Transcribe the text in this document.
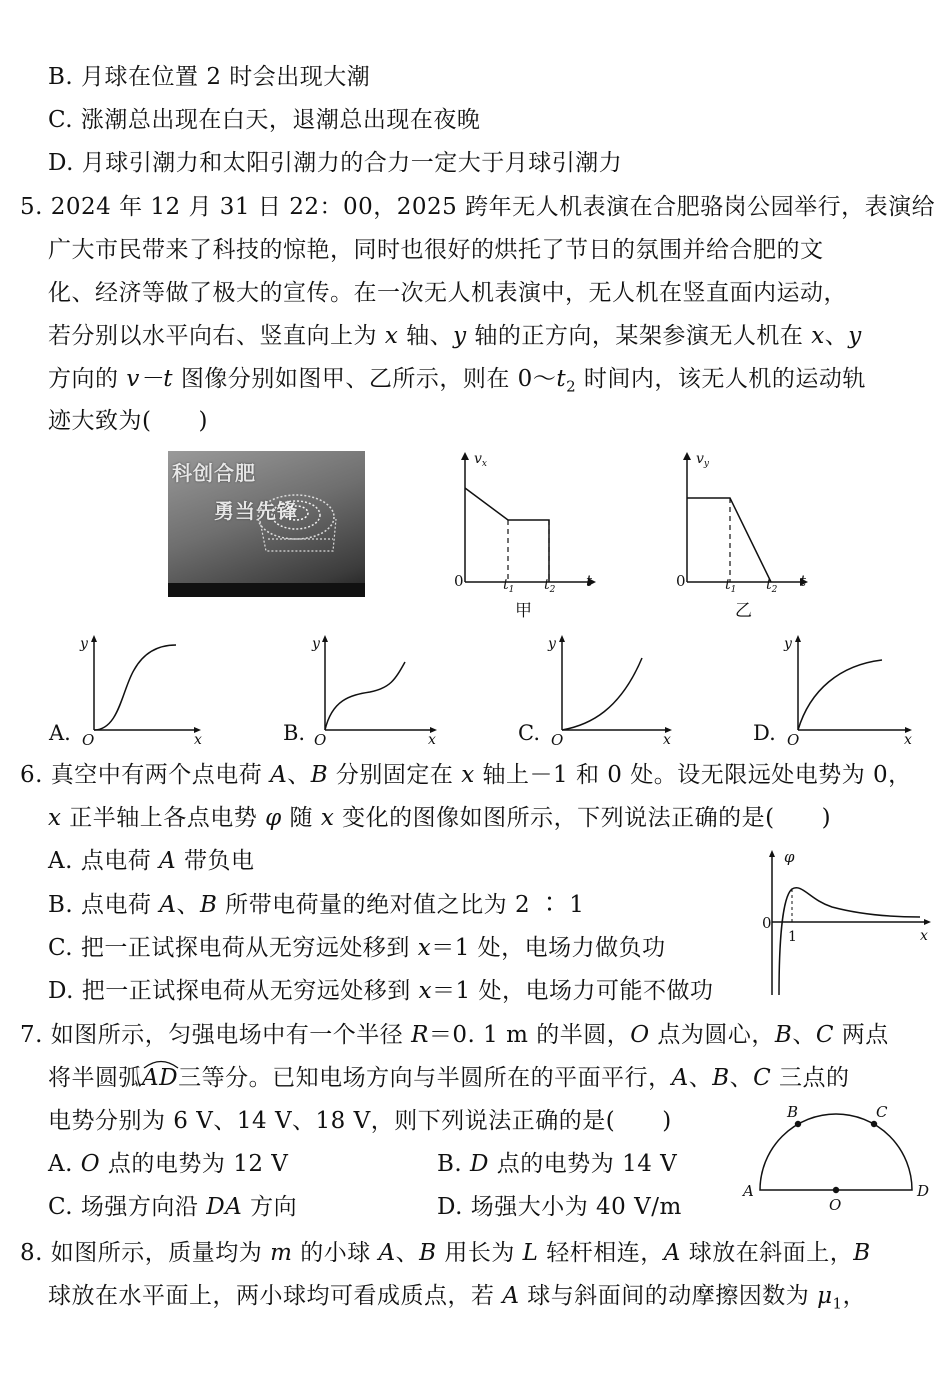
B. 月球在位置 2 时会出现大潮
C. 涨潮总出现在白天，退潮总出现在夜晚
D. 月球引潮力和太阳引潮力的合力一定大于月球引潮力
5. 2024 年 12 月 31 日 22：00，2025 跨年无人机表演在合肥骆岗公园举行，表演给
广大市民带来了科技的惊艳，同时也很好的烘托了节日的氛围并给合肥的文
化、经济等做了极大的宣传。在一次无人机表演中，无人机在竖直面内运动，
若分别以水平向右、竖直向上为 x 轴、y 轴的正方向，某架参演无人机在 x、y
方向的 v－t 图像分别如图甲、乙所示，则在 $0\sim t_2$ 时间内，该无人机的运动轨
迹大致为(　　)
科创合肥
勇当先锋
$v_x$
0	$t_1$ $t_2$ t
甲
$v_y$
0	$t_1$ $t_2$ t
乙
A.
y
O	x	B.
y
O	x	C.
y
O	x	D.
y
O	x
6. 真空中有两个点电荷 A、B 分别固定在 x 轴上－1 和 0 处。设无限远处电势为 0，
x 正半轴上各点电势 φ 随 x 变化的图像如图所示，下列说法正确的是(　　)
A. 点电荷 A 带负电
B. 点电荷 A、B 所带电荷量的绝对值之比为 2 ∶ 1
C. 把一正试探电荷从无穷远处移到 x＝1 处，电场力做负功
D. 把一正试探电荷从无穷远处移到 x＝1 处，电场力可能不做功
φ
0
1	x
7. 如图所示，匀强电场中有一个半径 R＝0. 1 m 的半圆，O 点为圆心，B、C 两点
将半圆弧
AD三等分。已知电场方向与半圆所在的平面平行，A、B、C 三点的
电势分别为 6 V、14 V、18 V，则下列说法正确的是(　　)
A. O 点的电势为 12 V	B. D 点的电势为 14 V
C. 场强方向沿 DA 方向	D. 场强大小为 40 V/m
A
B	C
D
O
8. 如图所示，质量均为 m 的小球 A、B 用长为 L 轻杆相连，A 球放在斜面上，B
球放在水平面上，两小球均可看成质点，若 A 球与斜面间的动摩擦因数为 $\mu_1$，
